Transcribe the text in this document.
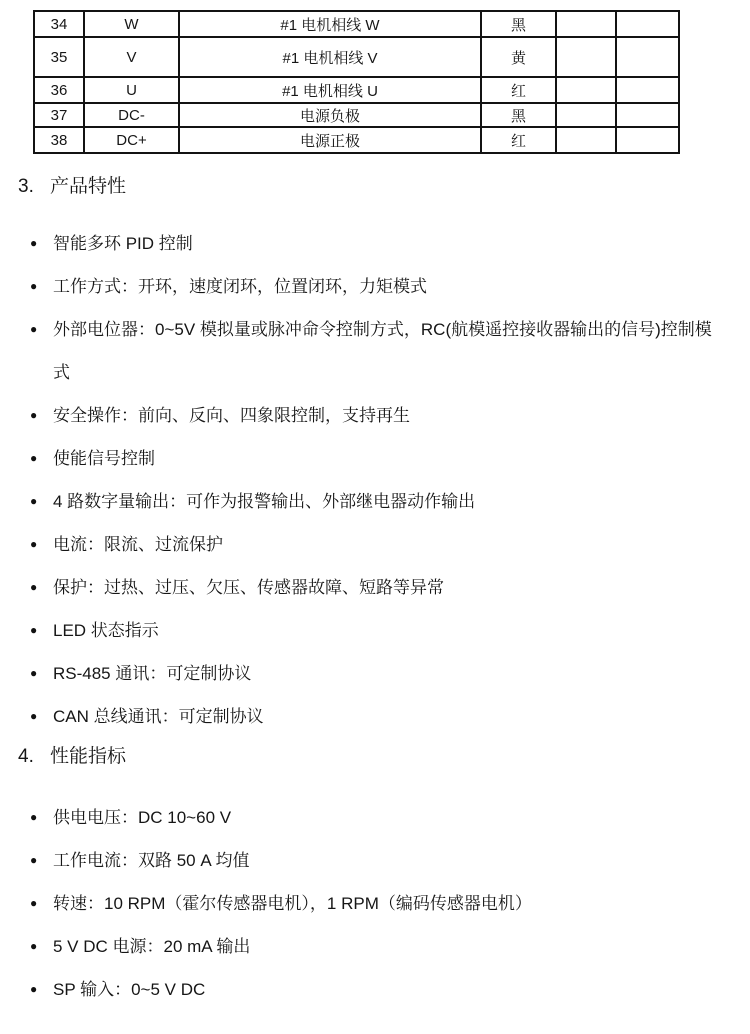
34	W	#1 电机相线 W	黑		
35	V	#1 电机相线 V	黄		
36	U	#1 电机相线 U	红		
37	DC-	电源负极	黑		
38	DC+	电源正极	红		
3. 产品特性
● 智能多环 PID 控制
● 工作方式：开环，速度闭环，位置闭环，力矩模式
● 外部电位器：0~5V 模拟量或脉冲命令控制方式，RC(航模遥控接收器输出的信号)控制模式
● 安全操作：前向、反向、四象限控制，支持再生
● 使能信号控制
● 4 路数字量输出：可作为报警输出、外部继电器动作输出
● 电流：限流、过流保护
● 保护：过热、过压、欠压、传感器故障、短路等异常
● LED 状态指示
● RS-485 通讯：可定制协议
● CAN 总线通讯：可定制协议
4. 性能指标
● 供电电压：DC 10~60 V
● 工作电流：双路 50 A 均值
● 转速：10 RPM（霍尔传感器电机），1 RPM（编码传感器电机）
● 5 V DC 电源：20 mA 输出
● SP 输入：0~5 V DC
